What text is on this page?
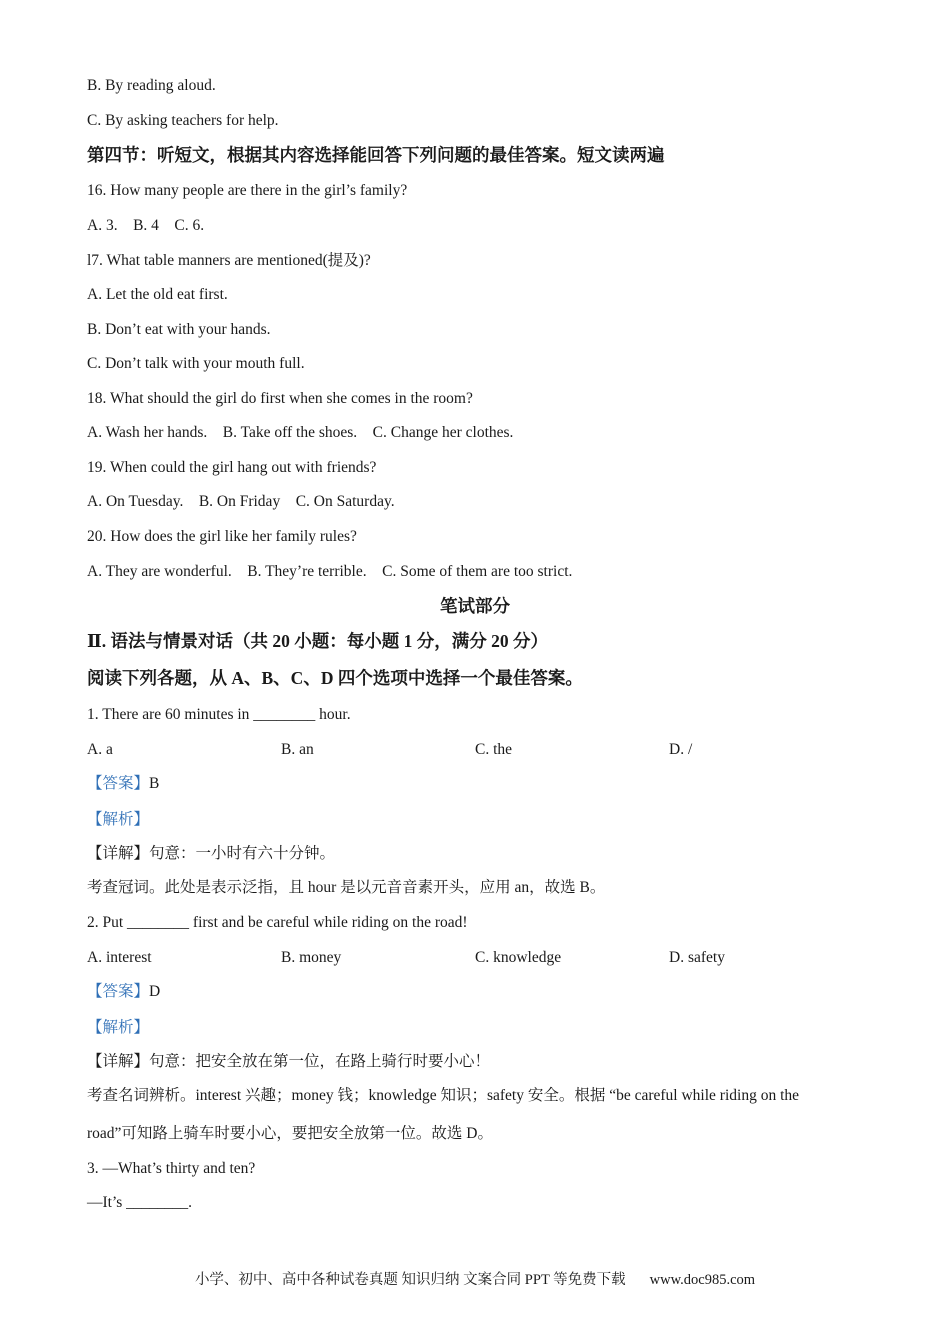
B. By reading aloud.
C. By asking teachers for help.
第四节：听短文，根据其内容选择能回答下列问题的最佳答案。短文读两遍
16. How many people are there in the girl’s family?
A. 3.    B. 4    C. 6.
l7. What table manners are mentioned(提及)?
A. Let the old eat first.
B. Don’t eat with your hands.
C. Don’t talk with your mouth full.
18. What should the girl do first when she comes in the room?
A. Wash her hands.    B. Take off the shoes.    C. Change her clothes.
19. When could the girl hang out with friends?
A. On Tuesday.    B. On Friday    C. On Saturday.
20. How does the girl like her family rules?
A. They are wonderful.    B. They’re terrible.    C. Some of them are too strict.
笔试部分
Ⅱ. 语法与情景对话（共 20 小题：每小题 1 分，满分 20 分）
阅读下列各题，从 A、B、C、D 四个选项中选择一个最佳答案。
1. There are 60 minutes in ________ hour.
A. a	B. an	C. the	D. /
【答案】B
【解析】
【详解】句意：一小时有六十分钟。
考查冠词。此处是表示泛指，且 hour 是以元音音素开头，应用 an，故选 B。
2. Put ________ first and be careful while riding on the road!
A. interest	B. money	C. knowledge	D. safety
【答案】D
【解析】
【详解】句意：把安全放在第一位，在路上骑行时要小心！
考查名词辨析。interest 兴趣；money 钱；knowledge 知识；safety 安全。根据 “be careful while riding on the
road”可知路上骑车时要小心，要把安全放第一位。故选 D。
3. —What’s thirty and ten?
—It’s ________.
小学、初中、高中各种试卷真题 知识归纳 文案合同 PPT 等免费下载 www.doc985.com
